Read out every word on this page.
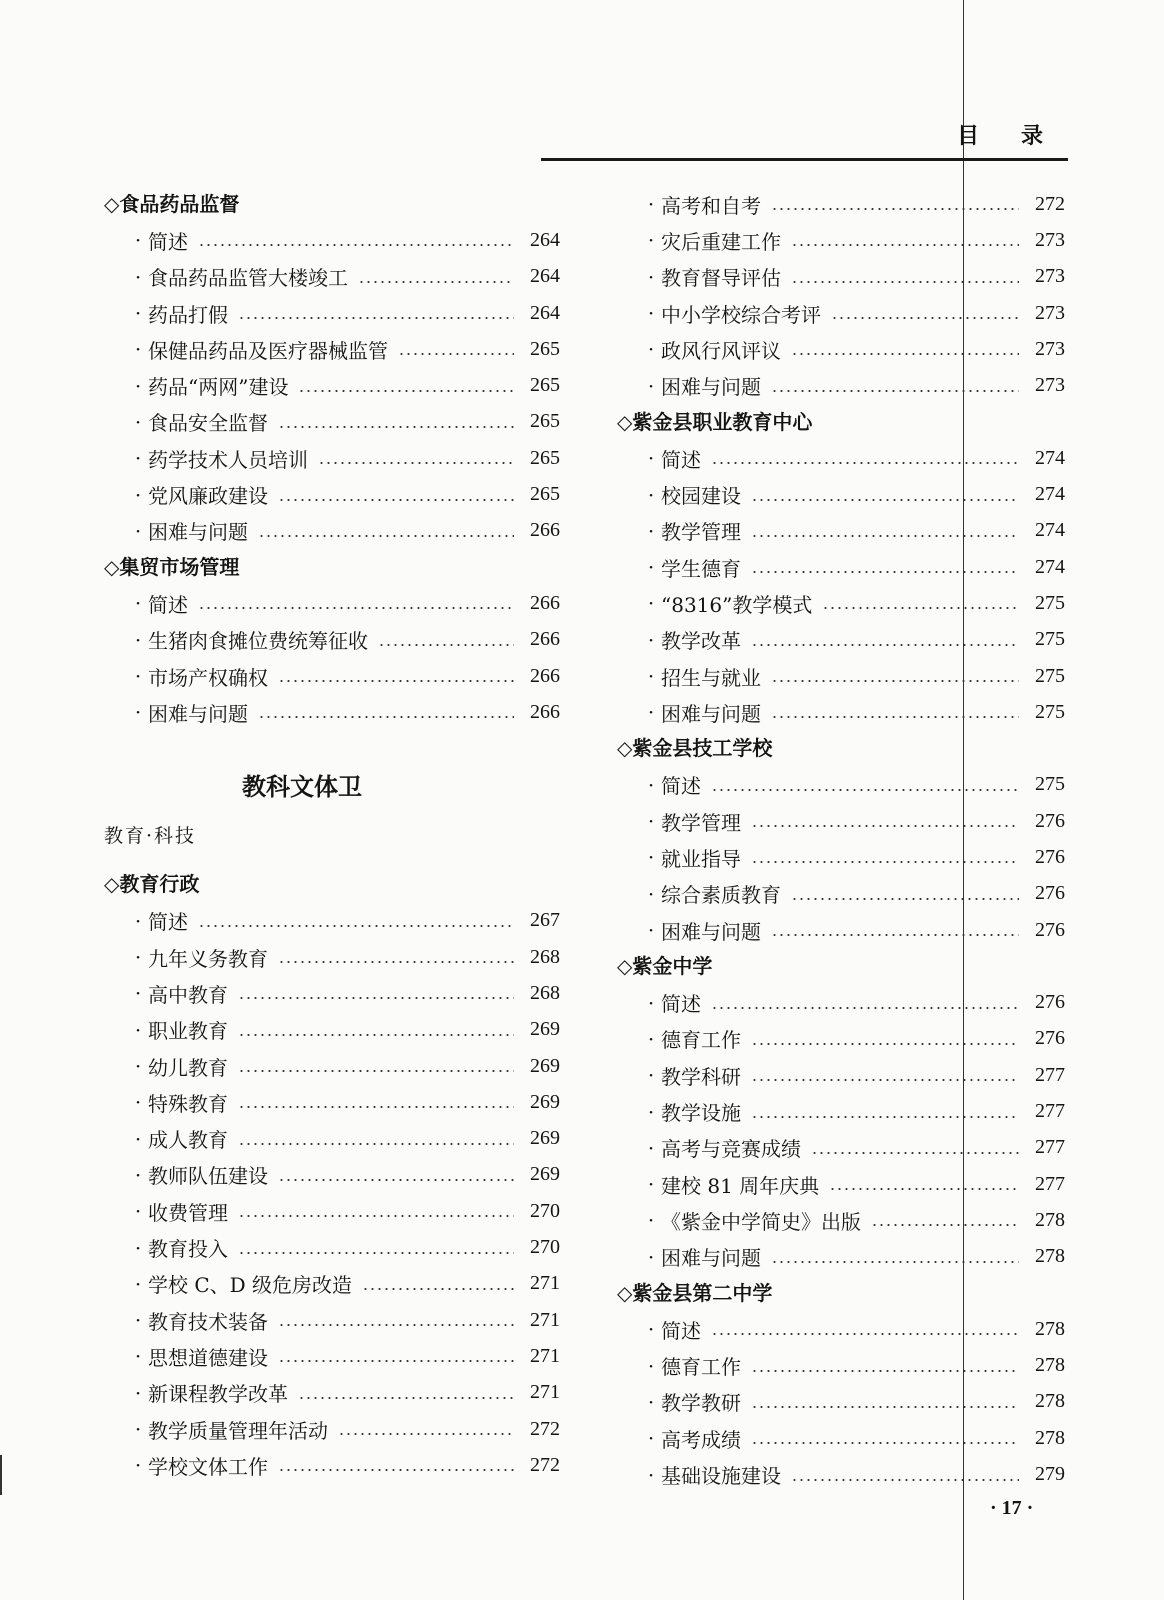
目 录
◇食品药品监督
· 简述	264
· 食品药品监管大楼竣工	264
· 药品打假	264
· 保健品药品及医疗器械监管	265
· 药品“两网”建设	265
· 食品安全监督	265
· 药学技术人员培训	265
· 党风廉政建设	265
· 困难与问题	266
◇集贸市场管理
· 简述	266
· 生猪肉食摊位费统筹征收	266
· 市场产权确权	266
· 困难与问题	266
教科文体卫
教育·科技
◇教育行政
· 简述	267
· 九年义务教育	268
· 高中教育	268
· 职业教育	269
· 幼儿教育	269
· 特殊教育	269
· 成人教育	269
· 教师队伍建设	269
· 收费管理	270
· 教育投入	270
· 学校 C、D 级危房改造	271
· 教育技术装备	271
· 思想道德建设	271
· 新课程教学改革	271
· 教学质量管理年活动	272
· 学校文体工作	272
· 高考和自考	272
· 灾后重建工作	273
· 教育督导评估	273
· 中小学校综合考评	273
· 政风行风评议	273
· 困难与问题	273
◇紫金县职业教育中心
· 简述	274
· 校园建设	274
· 教学管理	274
· 学生德育	274
· “8316”教学模式	275
· 教学改革	275
· 招生与就业	275
· 困难与问题	275
◇紫金县技工学校
· 简述	275
· 教学管理	276
· 就业指导	276
· 综合素质教育	276
· 困难与问题	276
◇紫金中学
· 简述	276
· 德育工作	276
· 教学科研	277
· 教学设施	277
· 高考与竞赛成绩	277
· 建校 81 周年庆典	277
· 《紫金中学简史》出版	278
· 困难与问题	278
◇紫金县第二中学
· 简述	278
· 德育工作	278
· 教学教研	278
· 高考成绩	278
· 基础设施建设	279
· 17 ·
